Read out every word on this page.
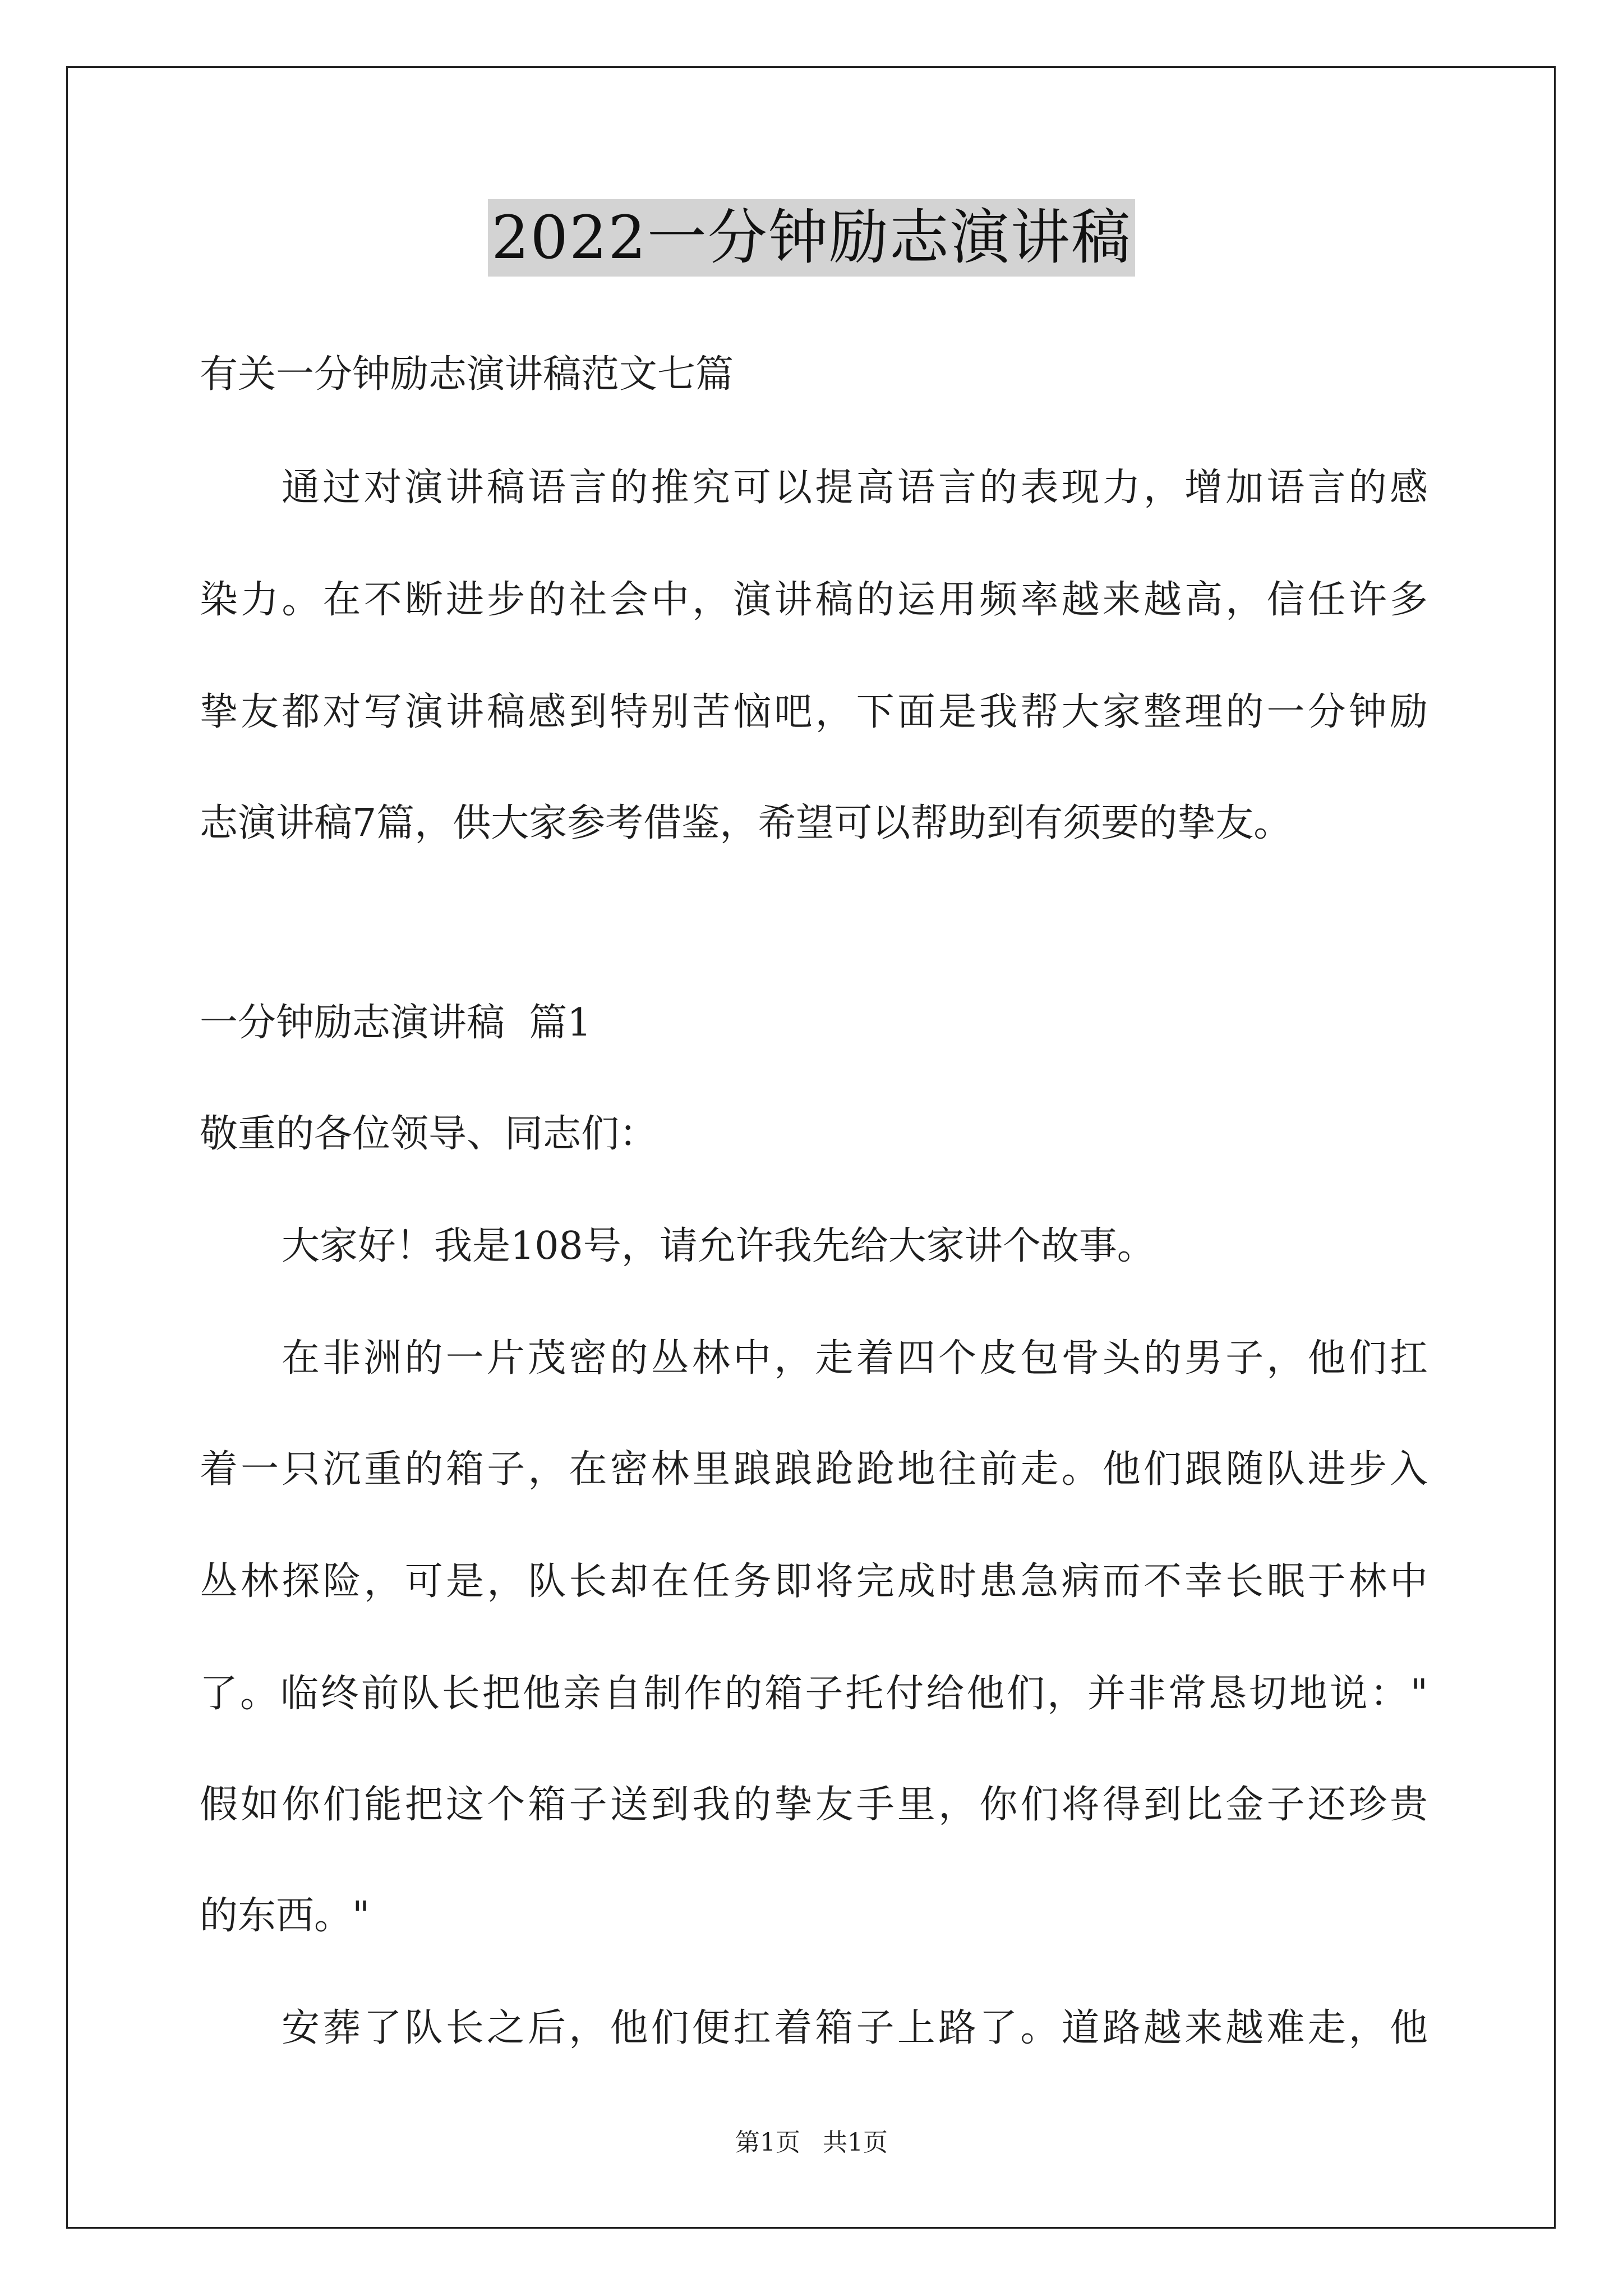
2022一分钟励志演讲稿
有关一分钟励志演讲稿范文七篇
通过对演讲稿语言的推究可以提高语言的表现力，增加语言的感
染力。在不断进步的社会中，演讲稿的运用频率越来越高，信任许多
挚友都对写演讲稿感到特别苦恼吧，下面是我帮大家整理的一分钟励
志演讲稿7篇，供大家参考借鉴，希望可以帮助到有须要的挚友。
一分钟励志演讲稿  篇1
敬重的各位领导、同志们：
大家好！我是108号，请允许我先给大家讲个故事。
在非洲的一片茂密的丛林中，走着四个皮包骨头的男子，他们扛
着一只沉重的箱子，在密林里踉踉跄跄地往前走。他们跟随队进步入
丛林探险，可是，队长却在任务即将完成时患急病而不幸长眠于林中
了。临终前队长把他亲自制作的箱子托付给他们，并非常恳切地说："
假如你们能把这个箱子送到我的挚友手里，你们将得到比金子还珍贵
的东西。"
安葬了队长之后，他们便扛着箱子上路了。道路越来越难走，他
第1页 共1页
